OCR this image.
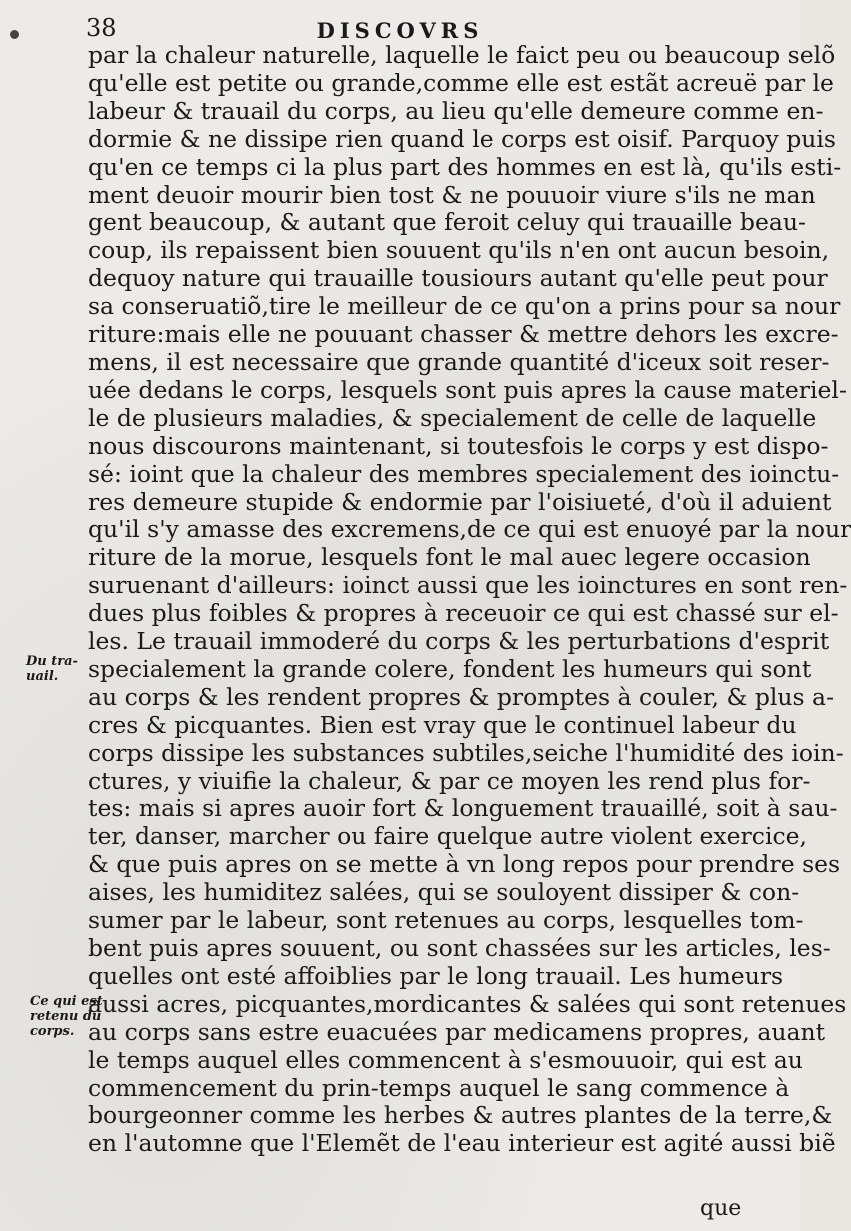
38	DISCOVRS
par la chaleur naturelle, laquelle le faict peu ou beaucoup selõ
qu'elle est petite ou grande,comme elle est estãt acreuë par le
labeur & trauail du corps, au lieu qu'elle demeure comme en-
dormie & ne dissipe rien quand le corps est oisif. Parquoy puis
qu'en ce temps ci la plus part des hommes en est là, qu'ils esti-
ment deuoir mourir bien tost & ne pouuoir viure s'ils ne man
gent beaucoup, & autant que feroit celuy qui trauaille beau-
coup, ils repaissent bien souuent qu'ils n'en ont aucun besoin,
dequoy nature qui trauaille tousiours autant qu'elle peut pour
sa conseruatiõ,tire le meilleur de ce qu'on a prins pour sa nour
riture:mais elle ne pouuant chasser & mettre dehors les excre-
mens, il est necessaire que grande quantité d'iceux soit reser-
uée dedans le corps, lesquels sont puis apres la cause materiel-
le de plusieurs maladies, & specialement de celle de laquelle
nous discourons maintenant, si toutesfois le corps y est dispo-
sé: ioint que la chaleur des membres specialement des ioinctu-
res demeure stupide & endormie par l'oisiueté, d'où il aduient
qu'il s'y amasse des excremens,de ce qui est enuoyé par la nour
riture de la morue, lesquels font le mal auec legere occasion
suruenant d'ailleurs: ioinct aussi que les ioinctures en sont ren-
dues plus foibles & propres à receuoir ce qui est chassé sur el-
les. Le trauail immoderé du corps & les perturbations d'esprit
specialement la grande colere, fondent les humeurs qui sont
au corps & les rendent propres & promptes à couler, & plus a-
cres & picquantes. Bien est vray que le continuel labeur du
corps dissipe les substances subtiles,seiche l'humidité des ioin-
ctures, y viuifie la chaleur, & par ce moyen les rend plus for-
tes: mais si apres auoir fort & longuement trauaillé, soit à sau-
ter, danser, marcher ou faire quelque autre violent exercice,
& que puis apres on se mette à vn long repos pour prendre ses
aises, les humiditez salées, qui se souloyent dissiper & con-
sumer par le labeur, sont retenues au corps, lesquelles tom-
bent puis apres souuent, ou sont chassées sur les articles, les-
quelles ont esté affoiblies par le long trauail. Les humeurs
aussi acres, picquantes,mordicantes & salées qui sont retenues
au corps sans estre euacuées par medicamens propres, auant
le temps auquel elles commencent à s'esmouuoir, qui est au
commencement du prin-temps auquel le sang commence à
bourgeonner comme les herbes & autres plantes de la terre,&
en l'automne que l'Elemẽt de l'eau interieur est agité aussi biẽ
Du tra-
uail.
Ce qui est
retenu du
corps.
que
